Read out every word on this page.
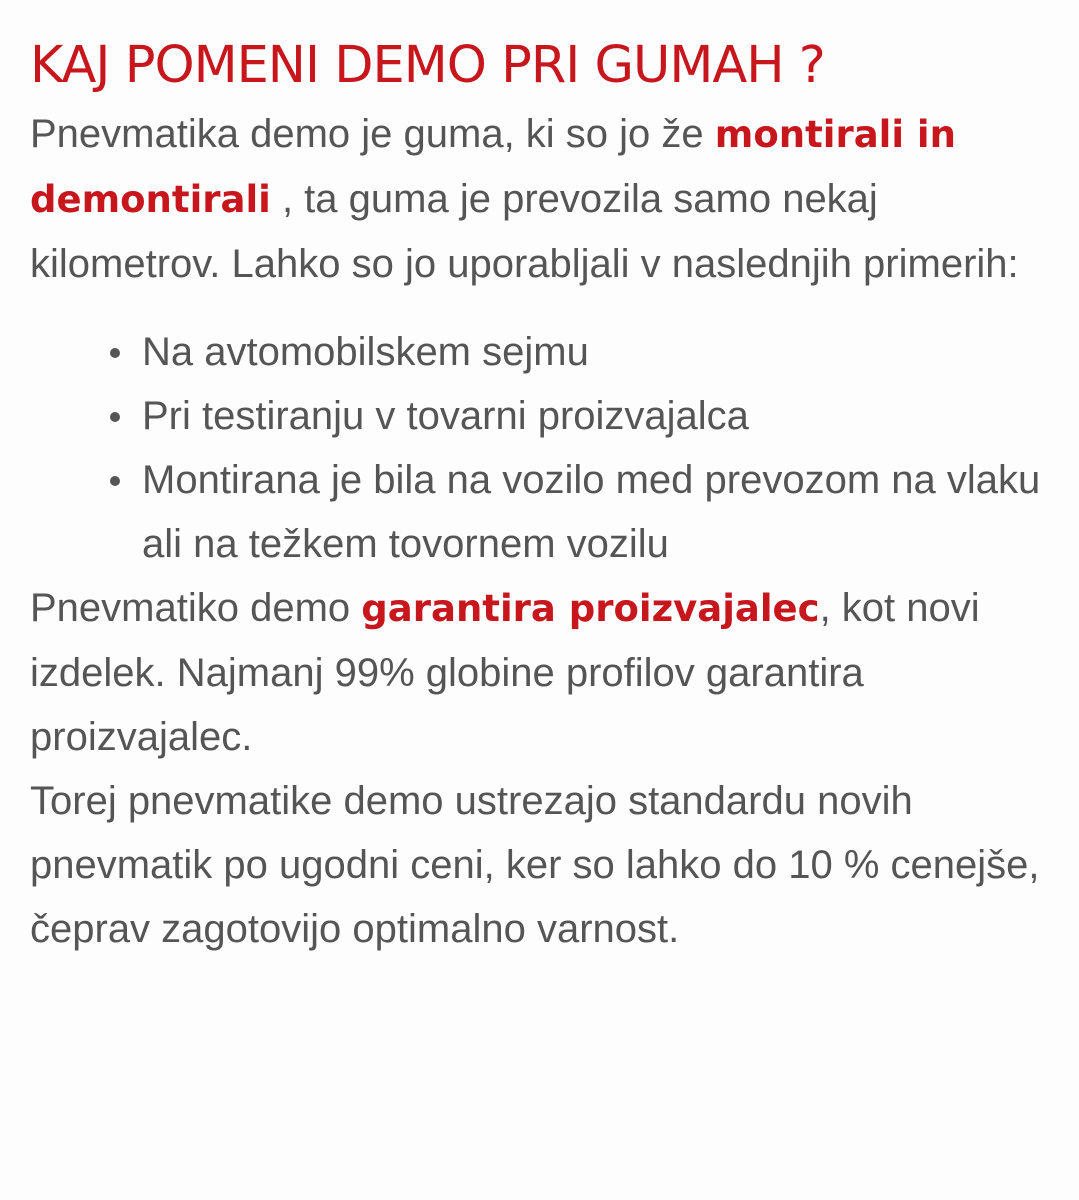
KAJ POMENI DEMO PRI GUMAH ?

Pnevmatika demo je guma, ki so jo že montirali in demontirali , ta guma je prevozila samo nekaj kilometrov. Lahko so jo uporabljali v naslednjih primerih:

Na avtomobilskem sejmu
Pri testiranju v tovarni proizvajalca
Montirana je bila na vozilo med prevozom na vlaku ali na težkem tovornem vozilu

Pnevmatiko demo garantira proizvajalec, kot novi izdelek. Najmanj 99% globine profilov garantira proizvajalec.

Torej pnevmatike demo ustrezajo standardu novih pnevmatik po ugodni ceni, ker so lahko do 10 % cenejše, čeprav zagotovijo optimalno varnost.
